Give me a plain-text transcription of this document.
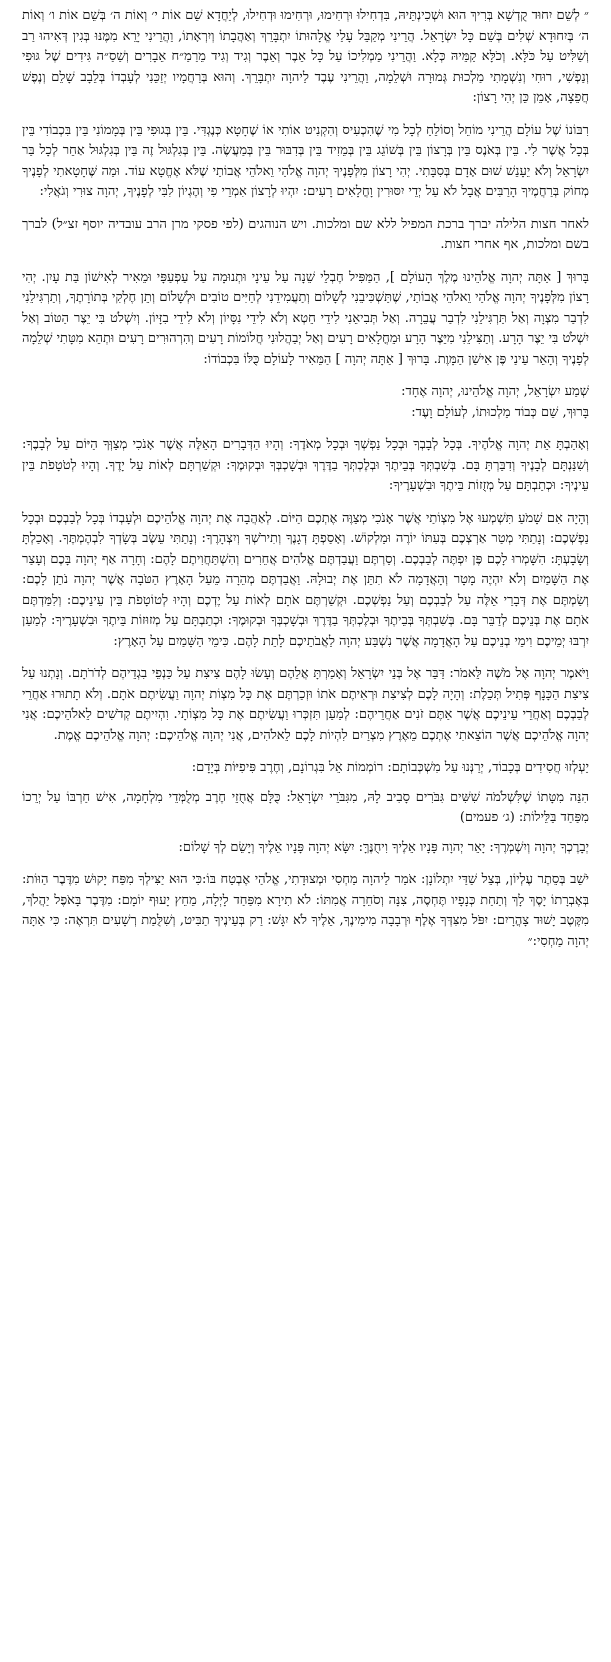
״ לְשֵׁם יִחוּד קֻדְשָׁא בְּרִיךְ הוּא וּשְׁכִינְתֵּיהּ, בִּדְחִילוּ וּרְחִימוּ, וּרְחִימוּ וּדְחִילוּ, לְיַחֲדָא שֵׁם אוֹת י׳ וְאוֹת ה׳ בְּשֵׁם אוֹת ו׳ וְאוֹת ה׳ בְּיִחוּדָא שְׁלִים בְּשֵׁם כָּל יִשְׂרָאֵל. הֲרֵינִי מְקַבֵּל עָלַי אֱלָהוּתוֹ יִתְבָּרֵךְ וְאַהֲבָתוֹ וְיִרְאָתוֹ, וַהֲרֵינִי יָרֵא מִמֶּנּוּ בְּגִין דְּאִיהוּ רַב וְשַׁלִּיט עַל כֹּלָּא. וְכֹלָּא קַמֵּיהּ כְּלָא. וַהֲרֵינִי מַמְלִיכוֹ עַל כָּל אֵבֶר וְאֵבֶר וְגִיד וְגִיד מֵרַמַ״ח אֵבָרִים וְשַׁסַ״ה גִּידִים שֶׁל גּוּפִי וְנַפְשִׁי, רוּחִי וְנִשְׁמָתִי מַלְכוּת גְּמוּרָה וּשְׁלֵמָה, וַהֲרֵינִי עֶבֶד לַיהוָה יִתְבָּרֵךְ. וְהוּא בְּרַחֲמָיו יְזַכֵּנִי לְעָבְדוֹ בְּלֵבָב שָׁלֵם וְנֶפֶשׁ חֲפֵצָה, אָמֵן כֵּן יְהִי רָצוֹן:

רִבּוֹנוֹ שֶׁל עוֹלָם הֲרֵינִי מוֹחֵל וְסוֹלֵחַ לְכָל מִי שֶׁהִכְעִיס וְהִקְנִיט אוֹתִי אוֹ שֶׁחָטָא כְּנֶגְדִּי. בֵּין בְּגוּפִי בֵּין בְּמָמוֹנִי בֵּין בִּכְבוֹדִי בֵּין בְּכָל אֲשֶׁר לִי. בֵּין בְּאֹנֶס בֵּין בְּרָצוֹן בֵּין בְּשׁוֹגֵג בֵּין בְּמֵזִיד בֵּין בְּדִבּוּר בֵּין בְּמַעֲשֶׂה. בֵּין בְּגִלְגּוּל זֶה בֵּין בְּגִלְגּוּל אַחֵר לְכָל בַּר יִשְׂרָאֵל וְלֹא יֵעָנֵשׁ שׁוּם אָדָם בְּסִבָּתִי. יְהִי רָצוֹן מִלְּפָנֶיךָ יְהוָה אֱלֹהַי וֵאלֹהֵי אֲבוֹתַי שֶׁלֹּא אֶחֱטָא עוֹד. וּמַה שֶּׁחָטָאתִי לְפָנֶיךָ מְחוֹק בְּרַחֲמֶיךָ הָרַבִּים אֲבָל לֹא עַל יְדֵי יִסּוּרִין וָחֳלָאִים רָעִים: יִהְיוּ לְרָצוֹן אִמְרֵי פִי וְהֶגְיוֹן לִבִּי לְפָנֶיךָ, יְהוָה צוּרִי וְגֹאֲלִי:

לאחר חצות הלילה יברך ברכת המפיל ללא שם ומלכות. ויש הנוהגים (לפי פסקי מרן הרב עובדיה יוסף זצ״ל) לברך בשם ומלכות, אף אחרי חצות.

בָּרוּךְ [ אַתָּה יְהוָה אֱלֹהֵינוּ מֶלֶךְ הָעוֹלָם ], הַמַּפִּיל חֶבְלֵי שֵׁנָה עַל עֵינָי וּתְנוּמָה עַל עַפְעַפָּי וּמֵאִיר לְאִישׁוֹן בַּת עָיִן. יְהִי רָצוֹן מִלְּפָנֶיךָ יְהוָה אֱלֹהַי וֵאלֹהֵי אֲבוֹתַי, שֶׁתַּשְׁכִּיבֵנִי לְשָׁלוֹם וְתַעֲמִידֵנִי לְחַיִּים טוֹבִים וּלְשָׁלוֹם וְתֵן חֶלְקִי בְּתוֹרָתֶךָ, וְתַרְגִּילֵנִי לִדְבַר מִצְוָה וְאַל תַּרְגִּילֵנִי לִדְבַר עֲבֵרָה. וְאַל תְּבִיאֵנִי לִידֵי חֵטְא וְלֹא לִידֵי נִסָּיוֹן וְלֹא לִידֵי בִזָּיוֹן. וְיִשְׁלֹט בִּי יֵצֶר הַטּוֹב וְאַל יִשְׁלֹט בִּי יֵצֶר הָרָע. וְתַצִּילֵנִי מִיֵּצֶר הָרָע וּמֵחֳלָאִים רָעִים וְאַל יְבַהֲלוּנִי חֲלוֹמוֹת רָעִים וְהִרְהוּרִים רָעִים וּתְהֵא מִטָּתִי שְׁלֵמָה לְפָנֶיךָ וְהָאֵר עֵינַי פֶּן אִישַׁן הַמָּוֶת. בָּרוּךְ [ אַתָּה יְהוָה ] הַמֵּאִיר לָעוֹלָם כֻּלּוֹ בִּכְבוֹדוֹ:

שְׁמַע יִשְׂרָאֵל, יְהוָה אֱלֹהֵינוּ, יְהוָה אֶחָד:
בָּרוּךְ, שֵׁם כְּבוֹד מַלְכוּתוֹ, לְעוֹלָם וָעֶד:

וְאָהַבְתָּ אֵת יְהוָה אֱלֹהֶיךָ. בְּכָל לְבָבְךָ וּבְכָל נַפְשְׁךָ וּבְכָל מְאֹדֶךָ: וְהָיוּ הַדְּבָרִים הָאֵלֶּה אֲשֶׁר אָנֹכִי מְצַוְּךָ הַיּוֹם עַל לְבָבֶךָ: וְשִׁנַּנְתָּם לְבָנֶיךָ וְדִבַּרְתָּ בָּם. בְּשִׁבְתְּךָ בְּבֵיתֶךָ וּבְלֶכְתְּךָ בַדֶּרֶךְ וּבְשָׁכְבְּךָ וּבְקוּמֶךָ: וּקְשַׁרְתָּם לְאוֹת עַל יָדֶךָ. וְהָיוּ לְטֹטָפֹת בֵּין עֵינֶיךָ: וּכְתַבְתָּם עַל מְזֻזוֹת בֵּיתֶךָ וּבִשְׁעָרֶיךָ:

וְהָיָה אִם שָׁמֹעַ תִּשְׁמְעוּ אֶל מִצְוֹתַי אֲשֶׁר אָנֹכִי מְצַוֶּה אֶתְכֶם הַיּוֹם. לְאַהֲבָה אֶת יְהוָה אֱלֹהֵיכֶם וּלְעָבְדוֹ בְּכָל לְבַבְכֶם וּבְכָל נַפְשְׁכֶם: וְנָתַתִּי מְטַר אַרְצְכֶם בְּעִתּוֹ יוֹרֶה וּמַלְקוֹשׁ. וְאָסַפְתָּ דְגָנֶךָ וְתִירֹשְׁךָ וְיִצְהָרֶךָ: וְנָתַתִּי עֵשֶׂב בְּשָׂדְךָ לִבְהֶמְתֶּךָ. וְאָכַלְתָּ וְשָׂבָעְתָּ: הִשָּׁמְרוּ לָכֶם פֶּן יִפְתֶּה לְבַבְכֶם. וְסַרְתֶּם וַעֲבַדְתֶּם אֱלֹהִים אֲחֵרִים וְהִשְׁתַּחֲוִיתֶם לָהֶם: וְחָרָה אַף יְהוָה בָּכֶם וְעָצַר אֶת הַשָּׁמַיִם וְלֹא יִהְיֶה מָטָר וְהָאֲדָמָה לֹא תִתֵּן אֶת יְבוּלָהּ. וַאֲבַדְתֶּם מְהֵרָה מֵעַל הָאָרֶץ הַטֹּבָה אֲשֶׁר יְהוָה נֹתֵן לָכֶם: וְשַׂמְתֶּם אֶת דְּבָרַי אֵלֶּה עַל לְבַבְכֶם וְעַל נַפְשְׁכֶם. וּקְשַׁרְתֶּם אֹתָם לְאוֹת עַל יֶדְכֶם וְהָיוּ לְטוֹטָפֹת בֵּין עֵינֵיכֶם: וְלִמַּדְתֶּם אֹתָם אֶת בְּנֵיכֶם לְדַבֵּר בָּם. בְּשִׁבְתְּךָ בְּבֵיתֶךָ וּבְלֶכְתְּךָ בַדֶּרֶךְ וּבְשָׁכְבְּךָ וּבְקוּמֶךָ: וּכְתַבְתָּם עַל מְזוּזוֹת בֵּיתֶךָ וּבִשְׁעָרֶיךָ: לְמַעַן יִרְבּוּ יְמֵיכֶם וִימֵי בְנֵיכֶם עַל הָאֲדָמָה אֲשֶׁר נִשְׁבַּע יְהוָה לַאֲבֹתֵיכֶם לָתֵת לָהֶם. כִּימֵי הַשָּׁמַיִם עַל הָאָרֶץ:

וַיֹּאמֶר יְהוָה אֶל מֹשֶׁה לֵּאמֹר: דַּבֵּר אֶל בְּנֵי יִשְׂרָאֵל וְאָמַרְתָּ אֲלֵהֶם וְעָשׂוּ לָהֶם צִיצִת עַל כַּנְפֵי בִגְדֵיהֶם לְדֹרֹתָם. וְנָתְנוּ עַל צִיצִת הַכָּנָף פְּתִיל תְּכֵלֶת: וְהָיָה לָכֶם לְצִיצִת וּרְאִיתֶם אֹתוֹ וּזְכַרְתֶּם אֶת כָּל מִצְוֹת יְהוָה וַעֲשִׂיתֶם אֹתָם. וְלֹא תָתוּרוּ אַחֲרֵי לְבַבְכֶם וְאַחֲרֵי עֵינֵיכֶם אֲשֶׁר אַתֶּם זֹנִים אַחֲרֵיהֶם: לְמַעַן תִּזְכְּרוּ וַעֲשִׂיתֶם אֶת כָּל מִצְוֹתָי. וִהְיִיתֶם קְדֹשִׁים לֵאלֹהֵיכֶם: אֲנִי יְהוָה אֱלֹהֵיכֶם אֲשֶׁר הוֹצֵאתִי אֶתְכֶם מֵאֶרֶץ מִצְרַיִם לִהְיוֹת לָכֶם לֵאלֹהִים, אֲנִי יְהוָה אֱלֹהֵיכֶם: יְהוָה אֱלֹהֵיכֶם אֱמֶת.

יַעְלְזוּ חֲסִידִים בְּכָבוֹד, יְרַנְּנוּ עַל מִשְׁכְּבוֹתָם: רוֹמְמוֹת אֵל בִּגְרוֹנָם, וְחֶרֶב פִּיפִיּוֹת בְּיָדָם:

הִנֵּה מִטָּתוֹ שֶׁלִּשְׁלֹמֹה שִׁשִּׁים גִּבֹּרִים סָבִיב לָהּ, מִגִּבֹּרֵי יִשְׂרָאֵל: כֻּלָּם אֲחֻזֵי חֶרֶב מְלֻמְּדֵי מִלְחָמָה, אִישׁ חַרְבּוֹ עַל יְרֵכוֹ מִפַּחַד בַּלֵּילוֹת: (ג׳ פעמים)

יְבָרֶכְךָ יְהוָה וְיִשְׁמְרֶךָ: יָאֵר יְהוָה פָּנָיו אֵלֶיךָ וִיחֻנֶּךָּ: יִשָּׂא יְהוָה פָּנָיו אֵלֶיךָ וְיָשֵׂם לְךָ שָׁלוֹם:

יֹשֵׁב בְּסֵתֶר עֶלְיוֹן, בְּצֵל שַׁדַּי יִתְלוֹנָן: אֹמַר לַיהוָה מַחְסִי וּמְצוּדָתִי, אֱלֹהַי אֶבְטַח בּוֹ:כִּי הוּא יַצִּילְךָ מִפַּח יָקוּשׁ מִדֶּבֶר הַוּוֹת: בְּאֶבְרָתוֹ יָסֶךְ לָךְ וְתַחַת כְּנָפָיו תֶּחְסֶה, צִנָּה וְסֹחֵרָה אֲמִתּוֹ: לֹא תִירָא מִפַּחַד לָיְלָה, מֵחֵץ יָעוּף יוֹמָם: מִדֶּבֶר בָּאֹפֶל יַהֲלֹךְ, מִקֶּטֶב יָשׁוּד צָהֳרָיִם: יִפֹּל מִצִּדְּךָ אֶלֶף וּרְבָבָה מִימִינֶךָ, אֵלֶיךָ לֹא יִגָּשׁ: רַק בְּעֵינֶיךָ תַבִּיט, וְשִׁלֻּמַת רְשָׁעִים תִּרְאֶה: כִּי אַתָּה יְהוָה מַחְסִי:״
